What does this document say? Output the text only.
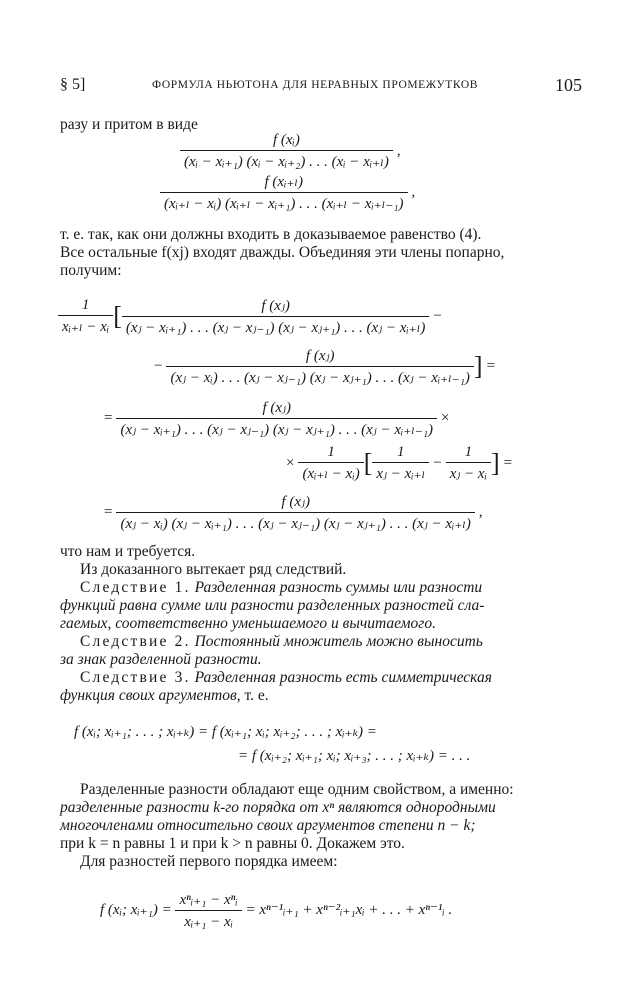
§ 5]	ФОРМУЛА НЬЮТОНА ДЛЯ НЕРАВНЫХ ПРОМЕЖУТКОВ	105
разу и притом в виде
$\frac{\text{f (xᵢ)}}{\text{(xᵢ − xᵢ₊₁) (xᵢ − xᵢ₊₂) . . . (xᵢ − xᵢ₊ₗ)}}$ ,
$\frac{\text{f (xᵢ₊ₗ)}}{\text{(xᵢ₊ₗ − xᵢ) (xᵢ₊ₗ − xᵢ₊₁) . . . (xᵢ₊ₗ − xᵢ₊ₗ₋₁)}}$ ,
т. е. так, как они должны входить в доказываемое равенство (4).
Все остальные f(xj) входят дважды. Объединяя эти члены попарно,
получим:
$\frac{1}{\text{xᵢ₊ₗ − xᵢ}}$ [ $\frac{\text{f (xⱼ)}}{\text{(xⱼ − xᵢ₊₁) . . . (xⱼ − xⱼ₋₁) (xⱼ − xⱼ₊₁) . . . (xⱼ − xᵢ₊ₗ)}}$ −
− $\frac{\text{f (xⱼ)}}{\text{(xⱼ − xᵢ) . . . (xⱼ − xⱼ₋₁) (xⱼ − xⱼ₊₁) . . . (xⱼ − xᵢ₊ₗ₋₁)}}$ ] =
=
f (xⱼ)
(xⱼ − xᵢ₊₁) . . . (xⱼ − xⱼ₋₁) (xⱼ − xⱼ₊₁) . . . (xⱼ − xᵢ₊ₗ₋₁)
×
× $\frac{1}{\text{(xᵢ₊ₗ − xᵢ)}}$ [ $\frac{1}{\text{xⱼ − xᵢ₊ₗ}} - \frac{1}{\text{xⱼ − xᵢ}}$ ] =
=
f (xⱼ)
(xⱼ − xᵢ) (xⱼ − xᵢ₊₁) . . . (xⱼ − xⱼ₋₁) (xⱼ − xⱼ₊₁) . . . (xⱼ − xᵢ₊ₗ)
,
что нам и требуется.
Из доказанного вытекает ряд следствий.
Следствие 1. Разделенная разность суммы или разности
функций равна сумме или разности разделенных разностей сла-
гаемых, соответственно уменьшаемого и вычитаемого.
Следствие 2. Постоянный множитель можно выносить
за знак разделенной разности.
Следствие 3. Разделенная разность есть симметрическая
функция своих аргументов, т. е.
f (xᵢ; xᵢ₊₁; . . . ; xᵢ₊ₖ) = f (xᵢ₊₁; xᵢ; xᵢ₊₂; . . . ; xᵢ₊ₖ) =
= f (xᵢ₊₂; xᵢ₊₁; xᵢ; xᵢ₊₃; . . . ; xᵢ₊ₖ) = . . .
Разделенные разности обладают еще одним свойством, а именно:
разделенные разности k-го порядка от xⁿ являются однородными
многочленами относительно своих аргументов степени n − k;
при k = n равны 1 и при k > n равны 0. Докажем это.
Для разностей первого порядка имеем:
f (xᵢ; xᵢ₊₁) = $\frac{\text{xⁿᵢ₊₁ − xⁿᵢ}}{\text{xᵢ₊₁ − xᵢ}}$ = xⁿ⁻¹ᵢ₊₁ + xⁿ⁻²ᵢ₊₁xᵢ + . . . + xⁿ⁻¹ᵢ .
